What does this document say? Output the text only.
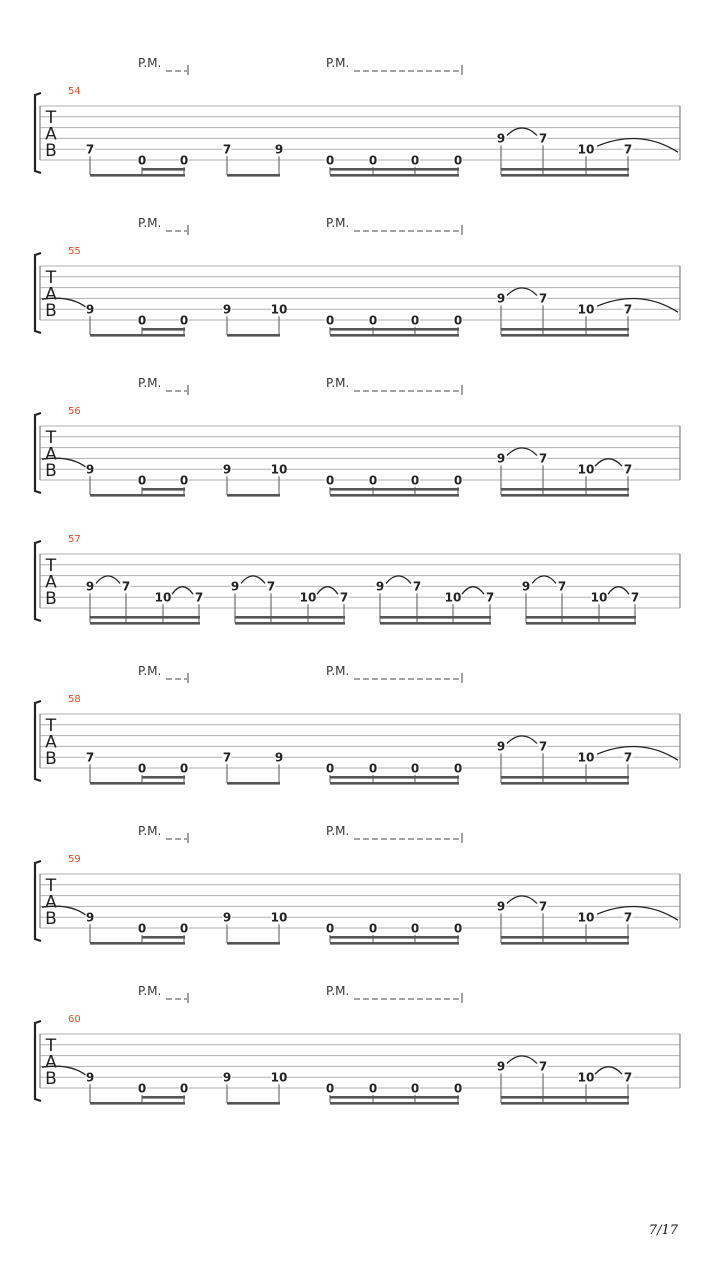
54
P.M.	P.M.
T
A
B 7
0	0
7	9
0	0	0	0
9	7
10 7
55
P.M.	P.M.
T
A
B 9
0	0
9	10
0	0	0	0
9	7
10 7
56
P.M.	P.M.
T
A
B 9
0	0
9	10
0	0	0	0
9	7
10 7
57
T
A
B
9 7
10 7
9 7
10 7
9 7
10 7
9 7
10 7
58
P.M.	P.M.
T
A
B 7
0	0
7	9
0	0	0	0
9	7
10 7
59
P.M.	P.M.
T
A
B 9
0	0
9	10
0	0	0	0
9	7
10 7
60
P.M.	P.M.
T
A
B 9
0	0
9	10
0	0	0	0
9	7
10 7
7/17
